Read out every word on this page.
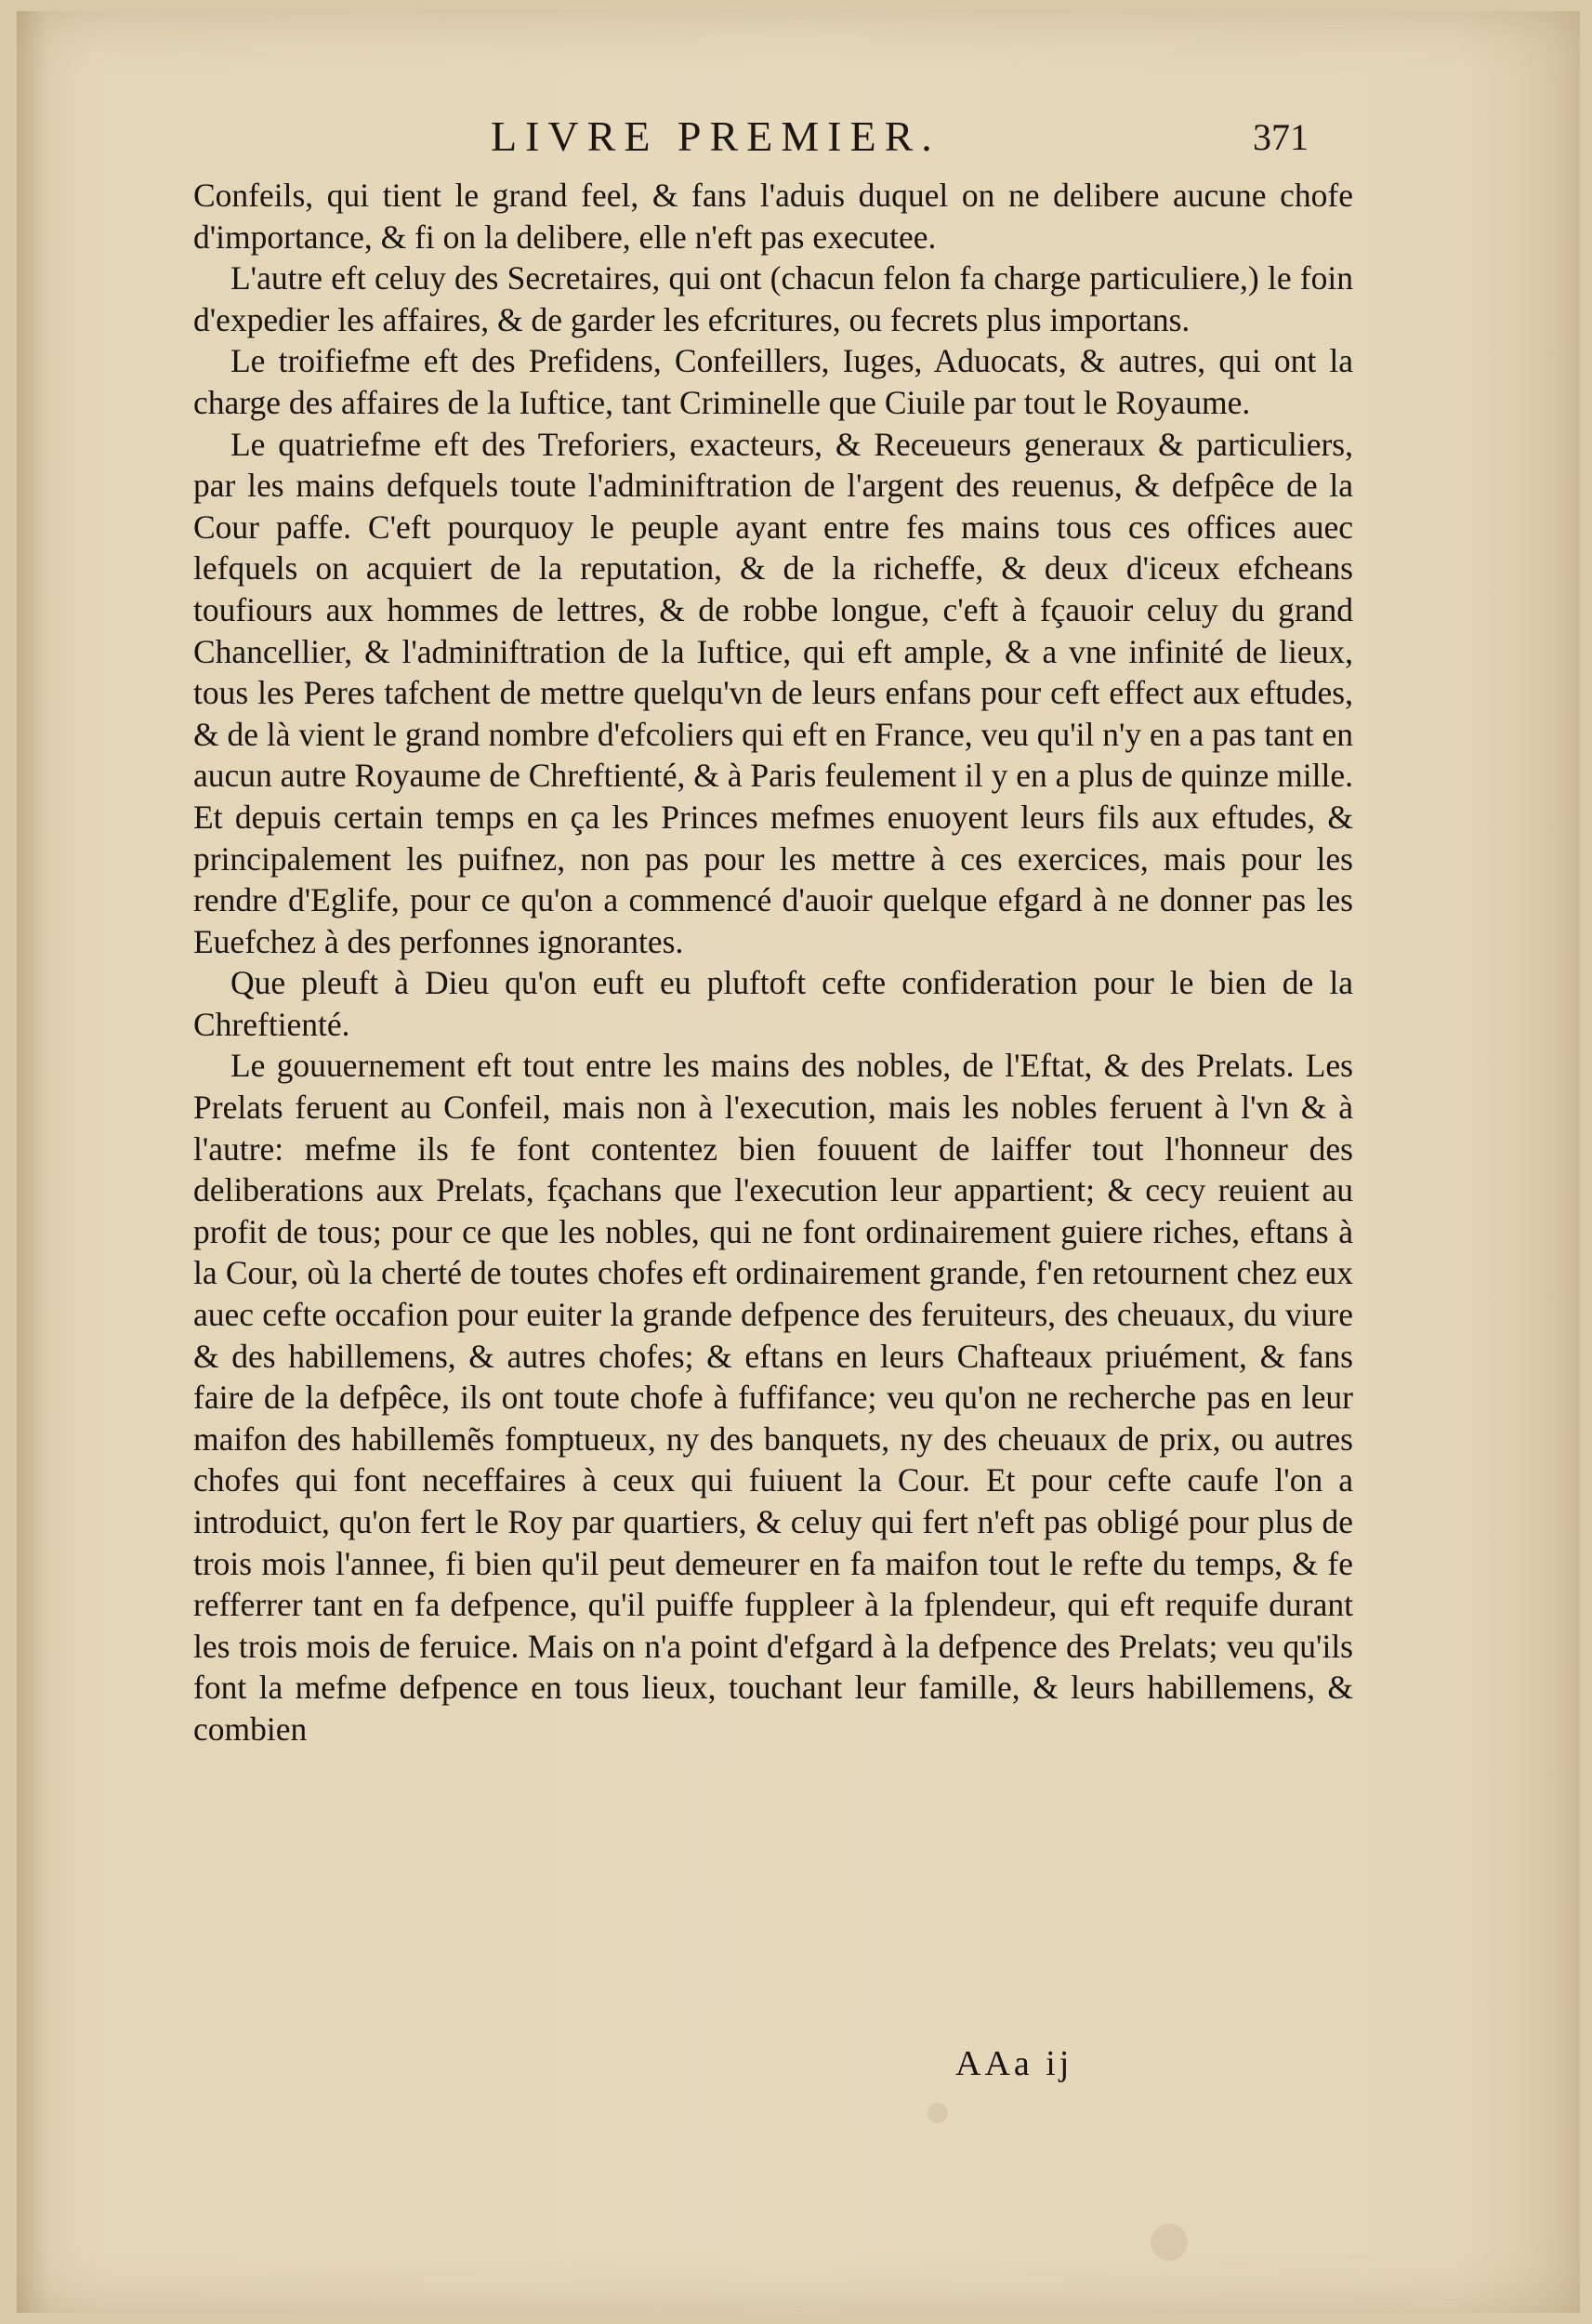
LIVRE PREMIER.	371

Confeils, qui tient le grand feel, & fans l'aduis duquel on ne delibere aucune chofe d'importance, & fi on la delibere, elle n'eft pas executee.

L'autre eft celuy des Secretaires, qui ont (chacun felon fa charge particuliere,) le foin d'expedier les affaires, & de garder les efcritures, ou fecrets plus importans.

Le troifiefme eft des Prefidens, Confeillers, Iuges, Aduocats, & autres, qui ont la charge des affaires de la Iuftice, tant Criminelle que Ciuile par tout le Royaume.

Le quatriefme eft des Treforiers, exacteurs, & Receueurs generaux & particuliers, par les mains defquels toute l'adminiftration de l'argent des reuenus, & defpêce de la Cour paffe. C'eft pourquoy le peuple ayant entre fes mains tous ces offices auec lefquels on acquiert de la reputation, & de la richeffe, & deux d'iceux efcheans toufiours aux hommes de lettres, & de robbe longue, c'eft à fçauoir celuy du grand Chancellier, & l'adminiftration de la Iuftice, qui eft ample, & a vne infinité de lieux, tous les Peres tafchent de mettre quelqu'vn de leurs enfans pour ceft effect aux eftudes, & de là vient le grand nombre d'efcoliers qui eft en France, veu qu'il n'y en a pas tant en aucun autre Royaume de Chreftienté, & à Paris feulement il y en a plus de quinze mille. Et depuis certain temps en ça les Princes mefmes enuoyent leurs fils aux eftudes, & principalement les puifnez, non pas pour les mettre à ces exercices, mais pour les rendre d'Eglife, pour ce qu'on a commencé d'auoir quelque efgard à ne donner pas les Euefchez à des perfonnes ignorantes.

Que pleuft à Dieu qu'on euft eu pluftoft cefte confideration pour le bien de la Chreftienté.

Le gouuernement eft tout entre les mains des nobles, de l'Eftat, & des Prelats. Les Prelats feruent au Confeil, mais non à l'execution, mais les nobles feruent à l'vn & à l'autre: mefme ils fe font contentez bien fouuent de laiffer tout l'honneur des deliberations aux Prelats, fçachans que l'execution leur appartient; & cecy reuient au profit de tous; pour ce que les nobles, qui ne font ordinairement guiere riches, eftans à la Cour, où la cherté de toutes chofes eft ordinairement grande, f'en retournent chez eux auec cefte occafion pour euiter la grande defpence des feruiteurs, des cheuaux, du viure & des habillemens, & autres chofes; & eftans en leurs Chafteaux priuément, & fans faire de la defpêce, ils ont toute chofe à fuffifance; veu qu'on ne recherche pas en leur maifon des habillemẽs fomptueux, ny des banquets, ny des cheuaux de prix, ou autres chofes qui font neceffaires à ceux qui fuiuent la Cour. Et pour cefte caufe l'on a introduict, qu'on fert le Roy par quartiers, & celuy qui fert n'eft pas obligé pour plus de trois mois l'annee, fi bien qu'il peut demeurer en fa maifon tout le refte du temps, & fe refferrer tant en fa defpence, qu'il puiffe fuppleer à la fplendeur, qui eft requife durant les trois mois de feruice. Mais on n'a point d'efgard à la defpence des Prelats; veu qu'ils font la mefme defpence en tous lieux, touchant leur famille, & leurs habillemens, & combien

AAa ij
